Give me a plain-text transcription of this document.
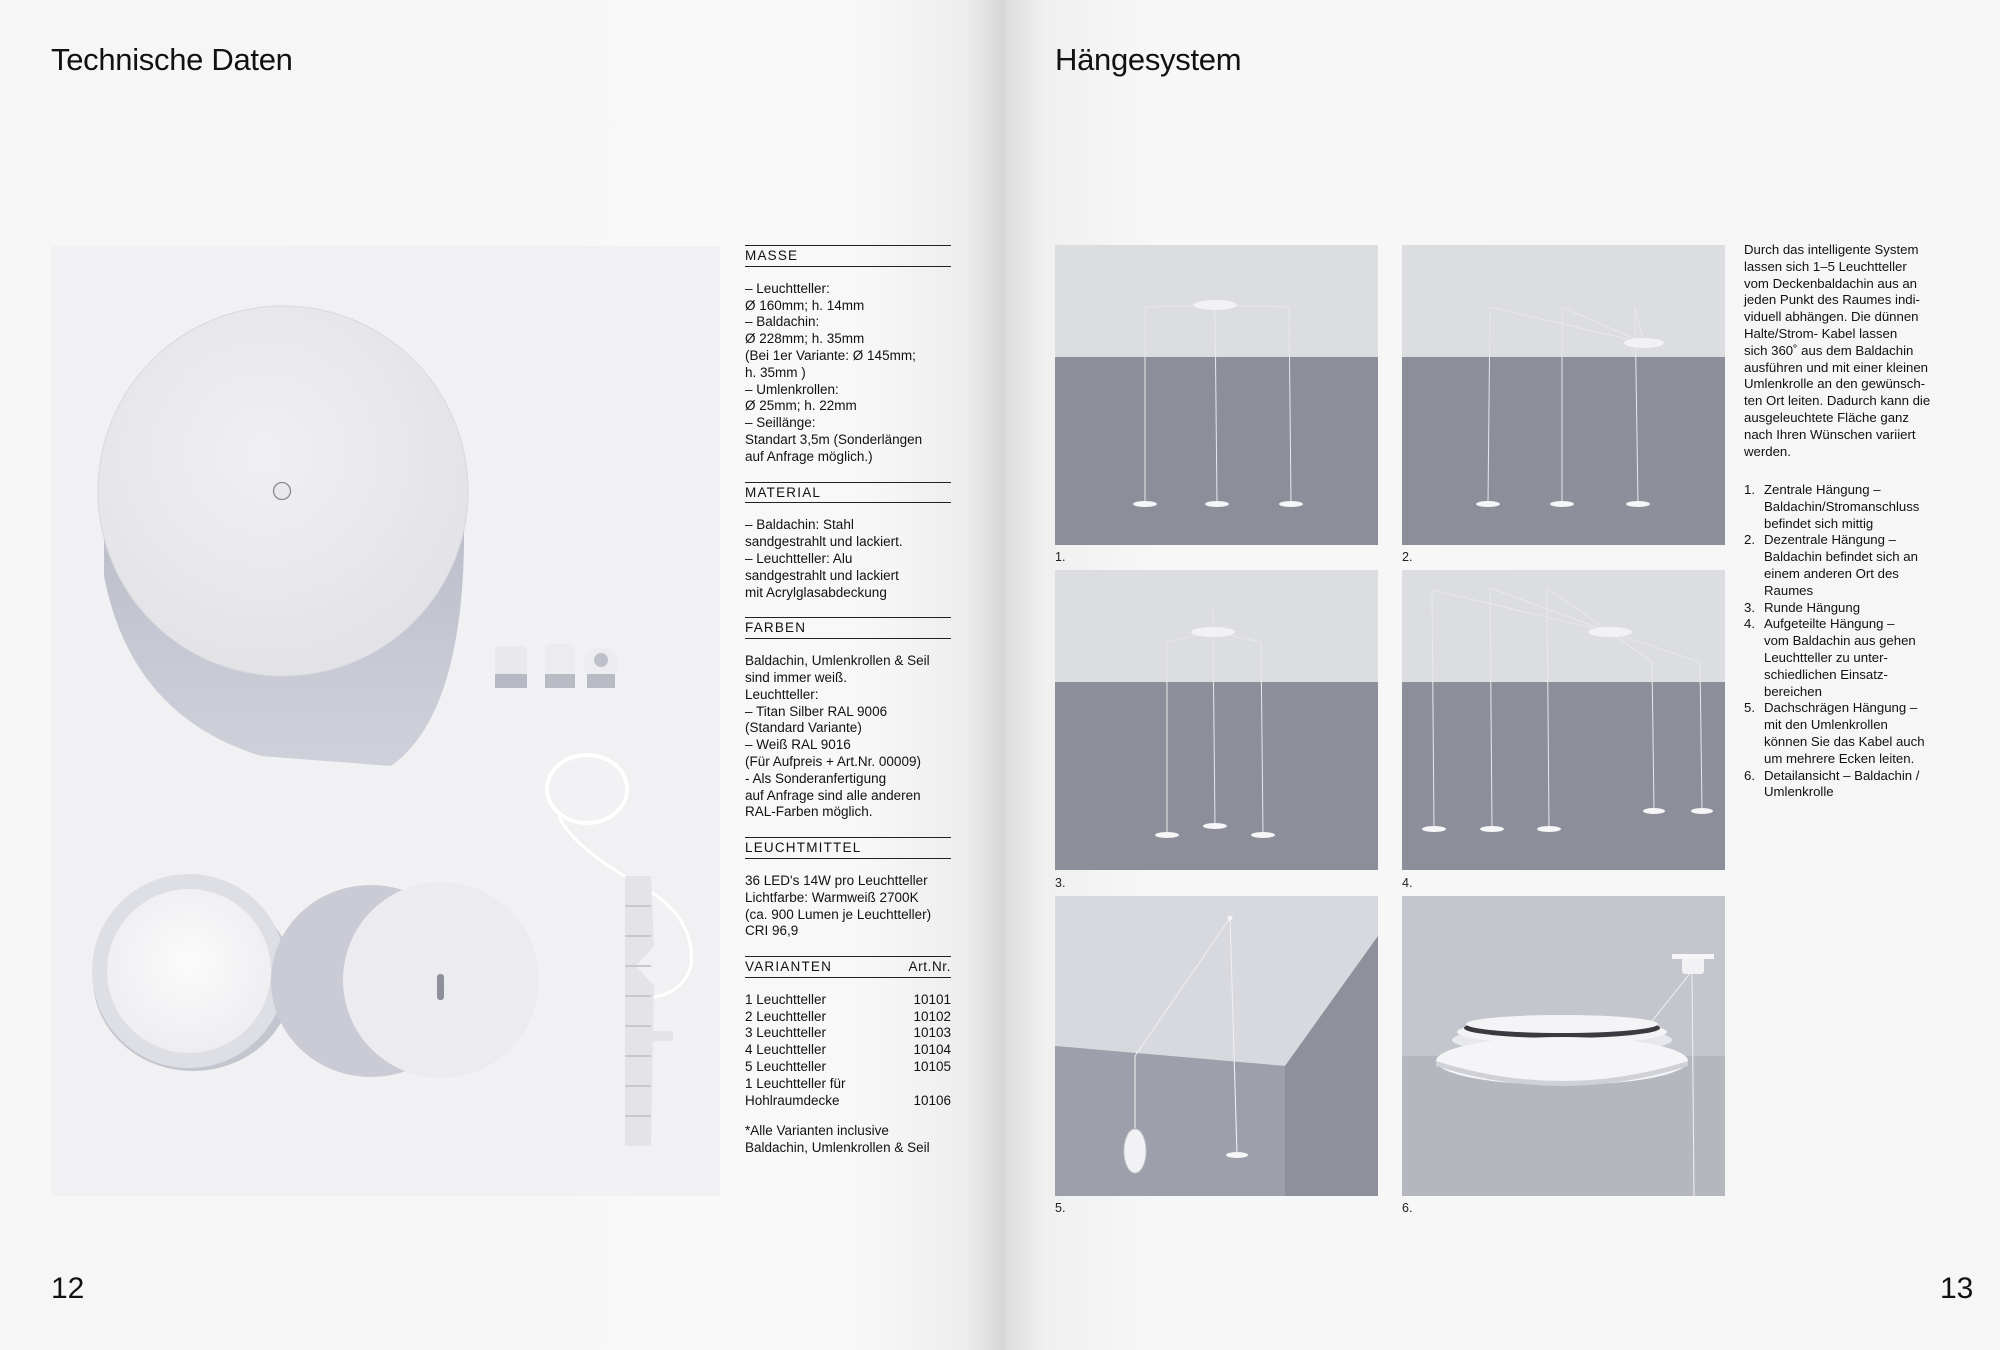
Technische Daten
MASSE
– Leuchtteller:
Ø 160mm; h. 14mm
– Baldachin:
Ø 228mm; h. 35mm
(Bei 1er Variante: Ø 145mm;
h. 35mm )
– Umlenkrollen:
Ø 25mm; h. 22mm
– Seillänge:
Standart 3,5m (Sonderlängen
auf Anfrage möglich.)
MATERIAL
– Baldachin: Stahl
sandgestrahlt und lackiert.
– Leuchtteller: Alu
sandgestrahlt und lackiert
mit Acrylglasabdeckung
FARBEN
Baldachin, Umlenkrollen & Seil
sind immer weiß.
Leuchtteller:
– Titan Silber RAL 9006
(Standard Variante)
– Weiß RAL 9016
(Für Aufpreis + Art.Nr. 00009)
- Als Sonderanfertigung
auf Anfrage sind alle anderen
RAL-Farben möglich.
LEUCHTMITTEL
36 LED's 14W pro Leuchtteller
Lichtfarbe: Warmweiß 2700K
(ca. 900 Lumen je Leuchtteller)
CRI 96,9
VARIANTEN	Art.Nr.
1 Leuchtteller	10101
2 Leuchtteller	10102
3 Leuchtteller	10103
4 Leuchtteller	10104
5 Leuchtteller	10105
1 Leuchtteller für
Hohlraumdecke	10106
*Alle Varianten inclusive
Baldachin, Umlenkrollen & Seil
12
Hängesystem
1.	2.
3.	4.
5.	6.
Durch das intelligente System
lassen sich 1–5 Leuchtteller
vom Deckenbaldachin aus an
jeden Punkt des Raumes indi-
viduell abhängen. Die dünnen
Halte/Strom- Kabel lassen
sich 360˚ aus dem Baldachin
ausführen und mit einer kleinen
Umlenkrolle an den gewünsch-
ten Ort leiten. Dadurch kann die
ausgeleuchtete Fläche ganz
nach Ihren Wünschen variiert
werden.
1. Zentrale Hängung –
Baldachin/Stromanschluss
befindet sich mittig
2. Dezentrale Hängung –
Baldachin befindet sich an
einem anderen Ort des
Raumes
3. Runde Hängung
4. Aufgeteilte Hängung –
vom Baldachin aus gehen
Leuchtteller zu unter-
schiedlichen Einsatz-
bereichen
5. Dachschrägen Hängung –
mit den Umlenkrollen
können Sie das Kabel auch
um mehrere Ecken leiten.
6. Detailansicht – Baldachin /
Umlenkrolle
13
